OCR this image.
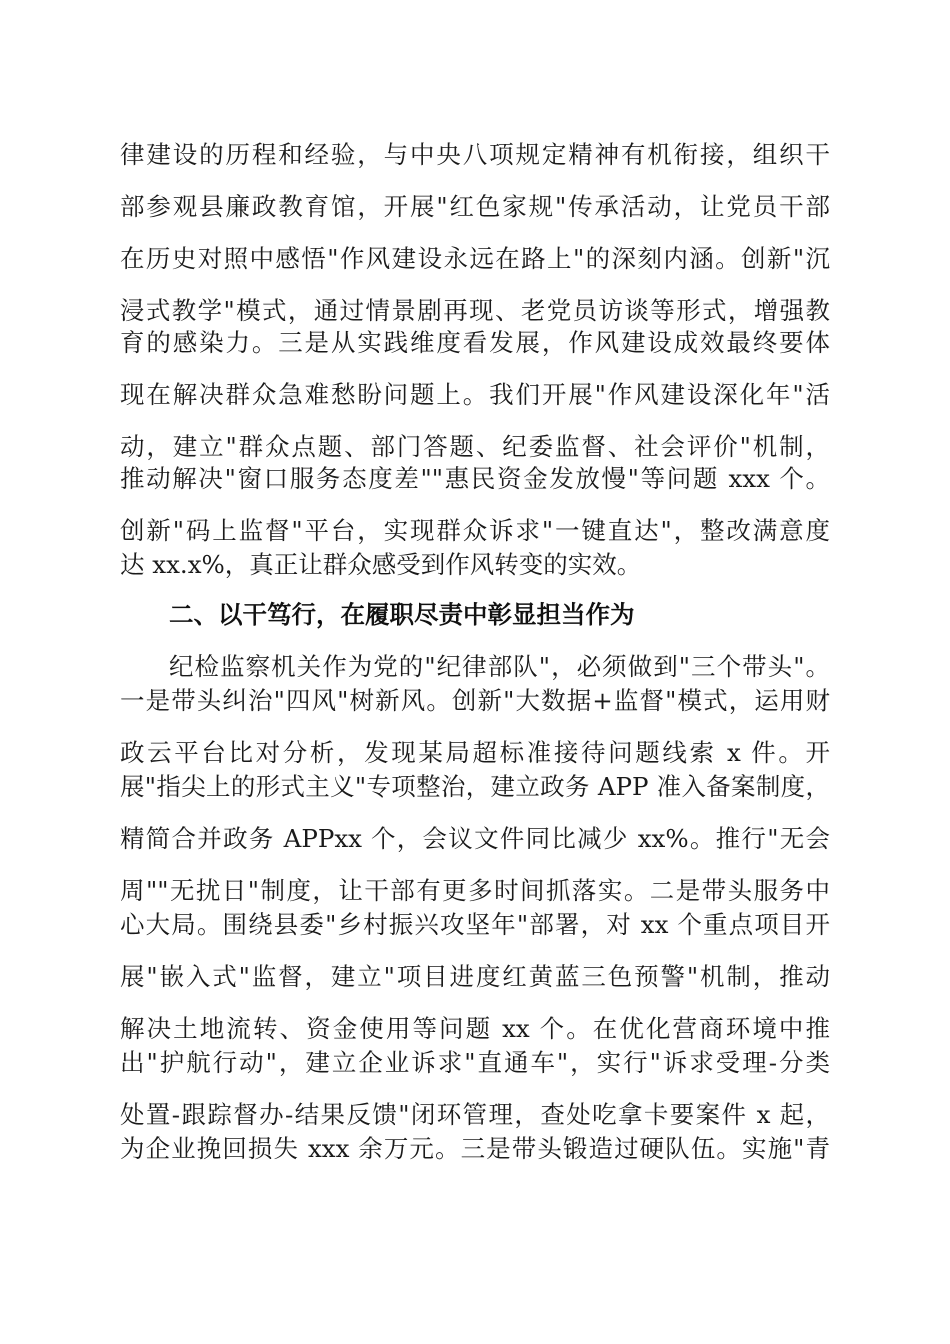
律建设的历程和经验，与中央八项规定精神有机衔接，组织干
部参观县廉政教育馆，开展"红色家规"传承活动，让党员干部
在历史对照中感悟"作风建设永远在路上"的深刻内涵。创新"沉
浸式教学"模式，通过情景剧再现、老党员访谈等形式，增强教
育的感染力。三是从实践维度看发展，作风建设成效最终要体
现在解决群众急难愁盼问题上。我们开展"作风建设深化年"活
动，建立"群众点题、部门答题、纪委监督、社会评价"机制，
推动解决"窗口服务态度差""惠民资金发放慢"等问题 xxx 个。
创新"码上监督"平台，实现群众诉求"一键直达"，整改满意度
达 xx.x%，真正让群众感受到作风转变的实效。
二、以干笃行，在履职尽责中彰显担当作为
纪检监察机关作为党的"纪律部队"，必须做到"三个带头"。
一是带头纠治"四风"树新风。创新"大数据+监督"模式，运用财
政云平台比对分析，发现某局超标准接待问题线索 x 件。开
展"指尖上的形式主义"专项整治，建立政务 APP 准入备案制度，
精简合并政务 APPxx 个，会议文件同比减少 xx%。推行"无会
周""无扰日"制度，让干部有更多时间抓落实。二是带头服务中
心大局。围绕县委"乡村振兴攻坚年"部署，对 xx 个重点项目开
展"嵌入式"监督，建立"项目进度红黄蓝三色预警"机制，推动
解决土地流转、资金使用等问题 xx 个。在优化营商环境中推
出"护航行动"，建立企业诉求"直通车"，实行"诉求受理-分类
处置-跟踪督办-结果反馈"闭环管理，查处吃拿卡要案件 x 起，
为企业挽回损失 xxx 余万元。三是带头锻造过硬队伍。实施"青
